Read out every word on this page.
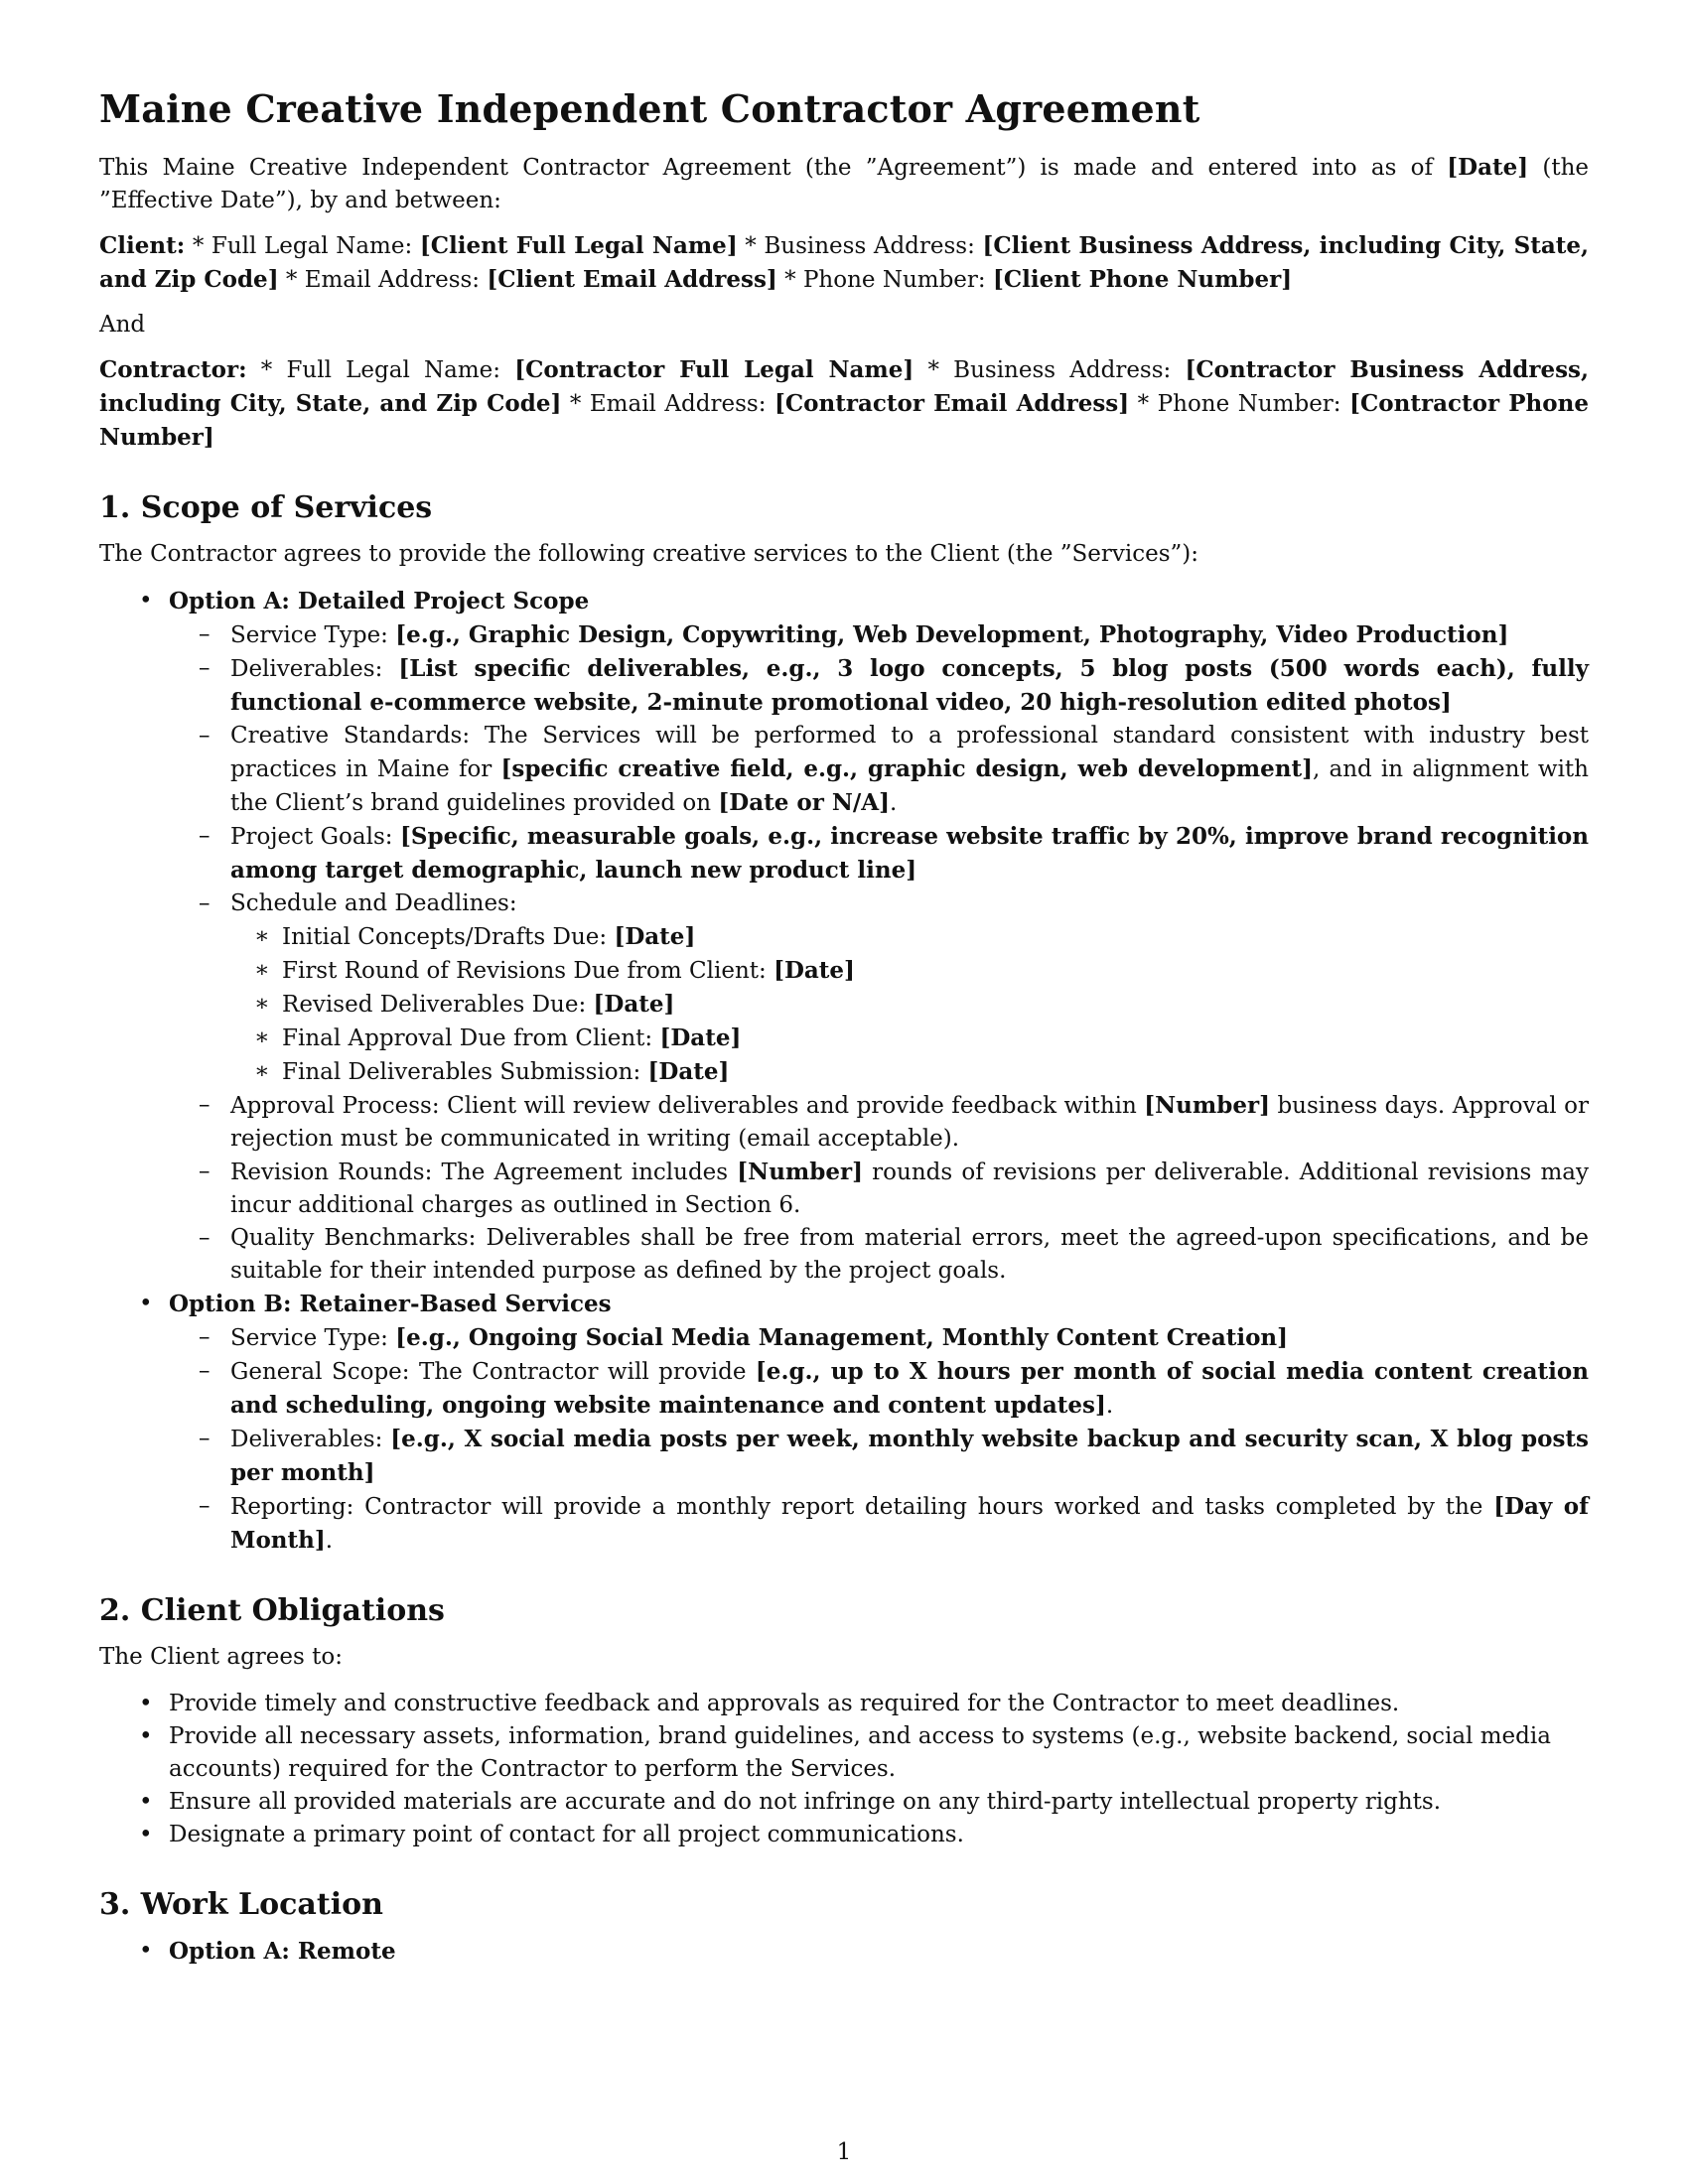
Maine Creative Independent Contractor Agreement

This Maine Creative Independent Contractor Agreement (the ”Agreement”) is made and entered into as of [Date] (the ”Effective Date”), by and between:

Client: * Full Legal Name: [Client Full Legal Name] * Business Address: [Client Business Address, including City, State, and Zip Code] * Email Address: [Client Email Address] * Phone Number: [Client Phone Number]

And

Contractor: * Full Legal Name: [Contractor Full Legal Name] * Business Address: [Contractor Business Address, including City, State, and Zip Code] * Email Address: [Contractor Email Address] * Phone Number: [Contractor Phone Number]

1. Scope of Services

The Contractor agrees to provide the following creative services to the Client (the ”Services”):

• Option A: Detailed Project Scope
– Service Type: [e.g., Graphic Design, Copywriting, Web Development, Photography, Video Production]
– Deliverables: [List specific deliverables, e.g., 3 logo concepts, 5 blog posts (500 words each), fully functional e-commerce website, 2-minute promotional video, 20 high-resolution edited photos]
– Creative Standards: The Services will be performed to a professional standard consistent with industry best practices in Maine for [specific creative field, e.g., graphic design, web development], and in alignment with the Client’s brand guidelines provided on [Date or N/A].
– Project Goals: [Specific, measurable goals, e.g., increase website traffic by 20%, improve brand recognition among target demographic, launch new product line]
– Schedule and Deadlines:
∗ Initial Concepts/Drafts Due: [Date]
∗ First Round of Revisions Due from Client: [Date]
∗ Revised Deliverables Due: [Date]
∗ Final Approval Due from Client: [Date]
∗ Final Deliverables Submission: [Date]
– Approval Process: Client will review deliverables and provide feedback within [Number] business days. Approval or rejection must be communicated in writing (email acceptable).
– Revision Rounds: The Agreement includes [Number] rounds of revisions per deliverable. Additional revisions may incur additional charges as outlined in Section 6.
– Quality Benchmarks: Deliverables shall be free from material errors, meet the agreed-upon specifications, and be suitable for their intended purpose as defined by the project goals.
• Option B: Retainer-Based Services
– Service Type: [e.g., Ongoing Social Media Management, Monthly Content Creation]
– General Scope: The Contractor will provide [e.g., up to X hours per month of social media content creation and scheduling, ongoing website maintenance and content updates].
– Deliverables: [e.g., X social media posts per week, monthly website backup and security scan, X blog posts per month]
– Reporting: Contractor will provide a monthly report detailing hours worked and tasks completed by the [Day of Month].
2. Client Obligations

The Client agrees to:

• Provide timely and constructive feedback and approvals as required for the Contractor to meet deadlines.
• Provide all necessary assets, information, brand guidelines, and access to systems (e.g., website backend, social media accounts) required for the Contractor to perform the Services.
• Ensure all provided materials are accurate and do not infringe on any third-party intellectual property rights.
• Designate a primary point of contact for all project communications.
3. Work Location
• Option A: Remote
1
